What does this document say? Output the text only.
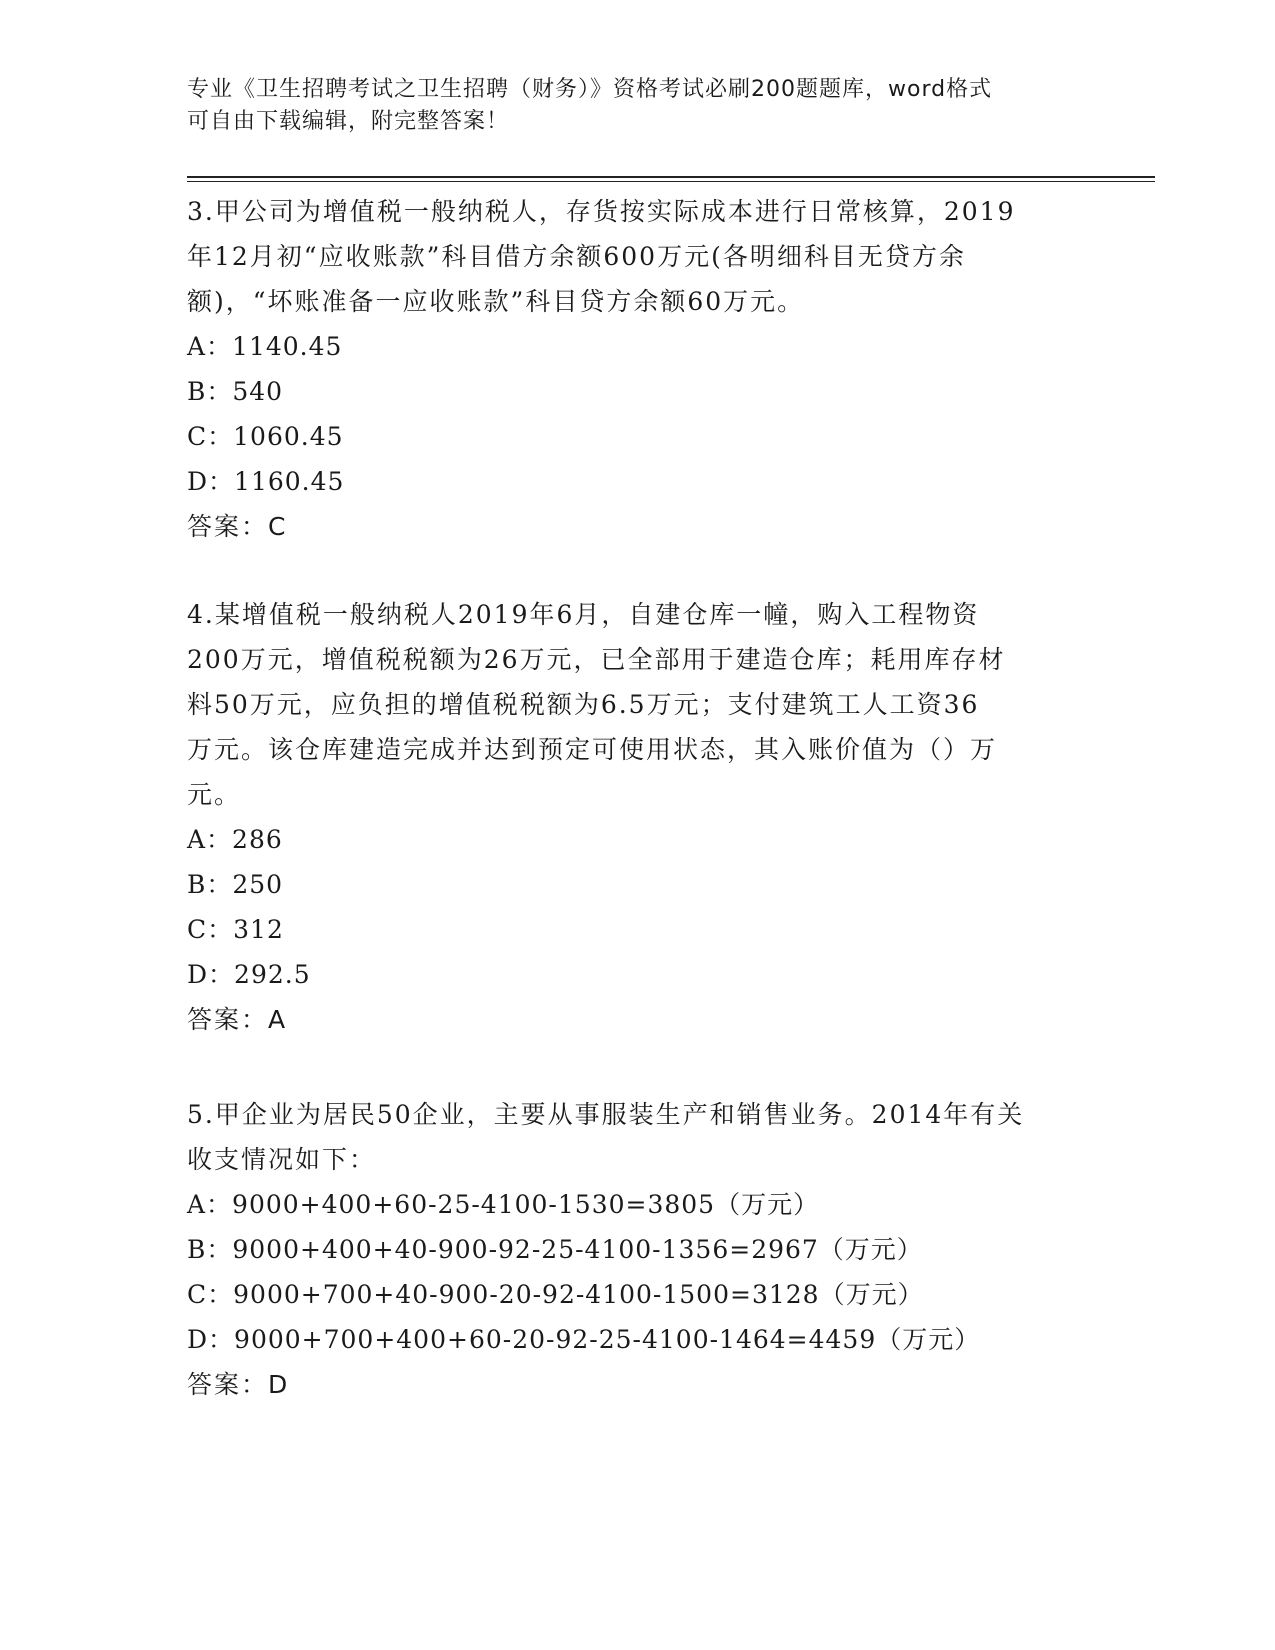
专业《卫生招聘考试之卫生招聘（财务）》资格考试必刷200题题库，word格式
可自由下载编辑，附完整答案！

3.甲公司为增值税一般纳税人，存货按实际成本进行日常核算，2019

年12月初“应收账款”科目借方余额600万元(各明细科目无贷方余

额)，“坏账准备一应收账款”科目贷方余额60万元。

A：1140.45

B：540

C：1060.45

D：1160.45

答案：C

4.某增值税一般纳税人2019年6月，自建仓库一幢，购入工程物资

200万元，增值税税额为26万元，已全部用于建造仓库；耗用库存材

料50万元，应负担的增值税税额为6.5万元；支付建筑工人工资36

万元。该仓库建造完成并达到预定可使用状态，其入账价值为（）万

元。

A：286

B：250

C：312

D：292.5

答案：A

5.甲企业为居民50企业，主要从事服装生产和销售业务。2014年有关

收支情况如下：

A：9000+400+60-25-4100-1530=3805（万元）

B：9000+400+40-900-92-25-4100-1356=2967（万元）

C：9000+700+40-900-20-92-4100-1500=3128（万元）

D：9000+700+400+60-20-92-25-4100-1464=4459（万元）

答案：D
